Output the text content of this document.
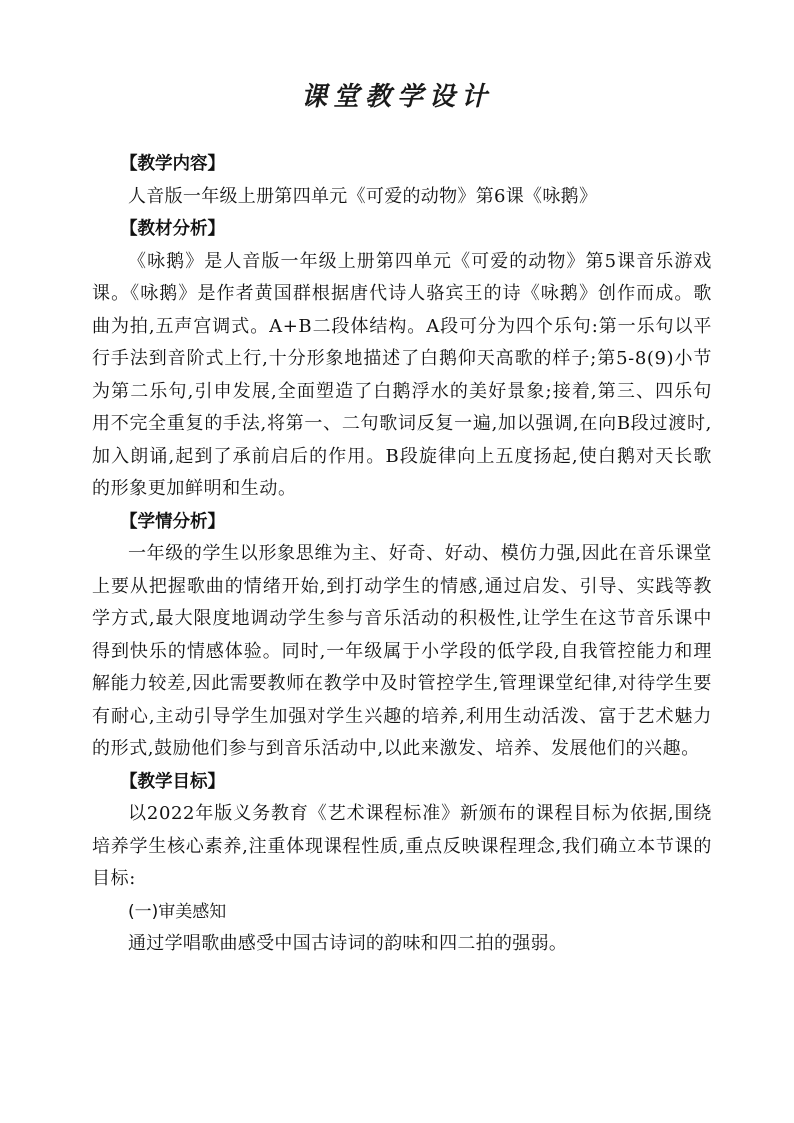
课堂教学设计

【教学内容】

人音版一年级上册第四单元《可爱的动物》第6课《咏鹅》

【教材分析】

《咏鹅》是人音版一年级上册第四单元《可爱的动物》第5课音乐游戏课。《咏鹅》是作者黄国群根据唐代诗人骆宾王的诗《咏鹅》创作而成。歌曲为拍,五声宫调式。A+B二段体结构。A段可分为四个乐句:第一乐句以平行手法到音阶式上行,十分形象地描述了白鹅仰天高歌的样子;第5-8(9)小节为第二乐句,引申发展,全面塑造了白鹅浮水的美好景象;接着,第三、四乐句用不完全重复的手法,将第一、二句歌词反复一遍,加以强调,在向B段过渡时,加入朗诵,起到了承前启后的作用。B段旋律向上五度扬起,使白鹅对天长歌的形象更加鲜明和生动。

【学情分析】

一年级的学生以形象思维为主、好奇、好动、模仿力强,因此在音乐课堂上要从把握歌曲的情绪开始,到打动学生的情感,通过启发、引导、实践等教学方式,最大限度地调动学生参与音乐活动的积极性,让学生在这节音乐课中得到快乐的情感体验。同时,一年级属于小学段的低学段,自我管控能力和理解能力较差,因此需要教师在教学中及时管控学生,管理课堂纪律,对待学生要有耐心,主动引导学生加强对学生兴趣的培养,利用生动活泼、富于艺术魅力的形式,鼓励他们参与到音乐活动中,以此来激发、培养、发展他们的兴趣。

【教学目标】

以2022年版义务教育《艺术课程标准》新颁布的课程目标为依据,围绕培养学生核心素养,注重体现课程性质,重点反映课程理念,我们确立本节课的目标:

(一)审美感知

通过学唱歌曲感受中国古诗词的韵味和四二拍的强弱。
